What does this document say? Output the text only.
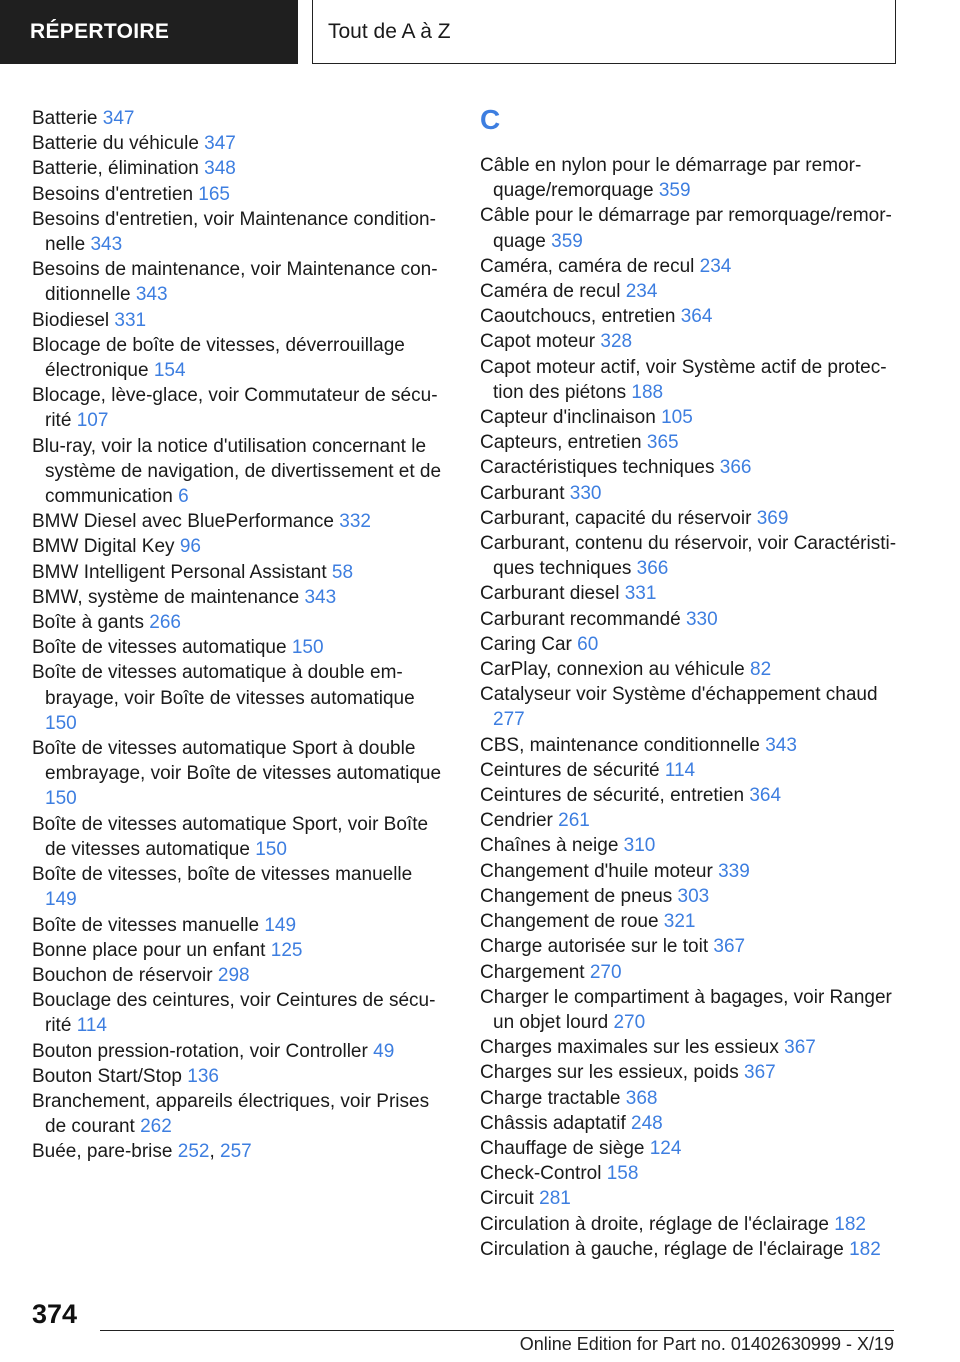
RÉPERTOIRE	Tout de A à Z
Batterie 347
Batterie du véhicule 347
Batterie, élimination 348
Besoins d'entretien 165
Besoins d'entretien, voir Maintenance conditionnelle 343
Besoins de maintenance, voir Maintenance conditionnelle 343
Biodiesel 331
Blocage de boîte de vitesses, déverrouillage électronique 154
Blocage, lève-glace, voir Commutateur de sécurité 107
Blu-ray, voir la notice d'utilisation concernant le système de navigation, de divertissement et de communication 6
BMW Diesel avec BluePerformance 332
BMW Digital Key 96
BMW Intelligent Personal Assistant 58
BMW, système de maintenance 343
Boîte à gants 266
Boîte de vitesses automatique 150
Boîte de vitesses automatique à double embrayage, voir Boîte de vitesses automatique 150
Boîte de vitesses automatique Sport à double embrayage, voir Boîte de vitesses automatique 150
Boîte de vitesses automatique Sport, voir Boîte de vitesses automatique 150
Boîte de vitesses, boîte de vitesses manuelle 149
Boîte de vitesses manuelle 149
Bonne place pour un enfant 125
Bouchon de réservoir 298
Bouclage des ceintures, voir Ceintures de sécurité 114
Bouton pression-rotation, voir Controller 49
Bouton Start/Stop 136
Branchement, appareils électriques, voir Prises de courant 262
Buée, pare-brise 252, 257
C
Câble en nylon pour le démarrage par remorquage/remorquage 359
Câble pour le démarrage par remorquage/remorquage 359
Caméra, caméra de recul 234
Caméra de recul 234
Caoutchoucs, entretien 364
Capot moteur 328
Capot moteur actif, voir Système actif de protection des piétons 188
Capteur d'inclinaison 105
Capteurs, entretien 365
Caractéristiques techniques 366
Carburant 330
Carburant, capacité du réservoir 369
Carburant, contenu du réservoir, voir Caractéristiques techniques 366
Carburant diesel 331
Carburant recommandé 330
Caring Car 60
CarPlay, connexion au véhicule 82
Catalyseur voir Système d'échappement chaud 277
CBS, maintenance conditionnelle 343
Ceintures de sécurité 114
Ceintures de sécurité, entretien 364
Cendrier 261
Chaînes à neige 310
Changement d'huile moteur 339
Changement de pneus 303
Changement de roue 321
Charge autorisée sur le toit 367
Chargement 270
Charger le compartiment à bagages, voir Ranger un objet lourd 270
Charges maximales sur les essieux 367
Charges sur les essieux, poids 367
Charge tractable 368
Châssis adaptatif 248
Chauffage de siège 124
Check-Control 158
Circuit 281
Circulation à droite, réglage de l'éclairage 182
Circulation à gauche, réglage de l'éclairage 182
374
Online Edition for Part no. 01402630999 - X/19
